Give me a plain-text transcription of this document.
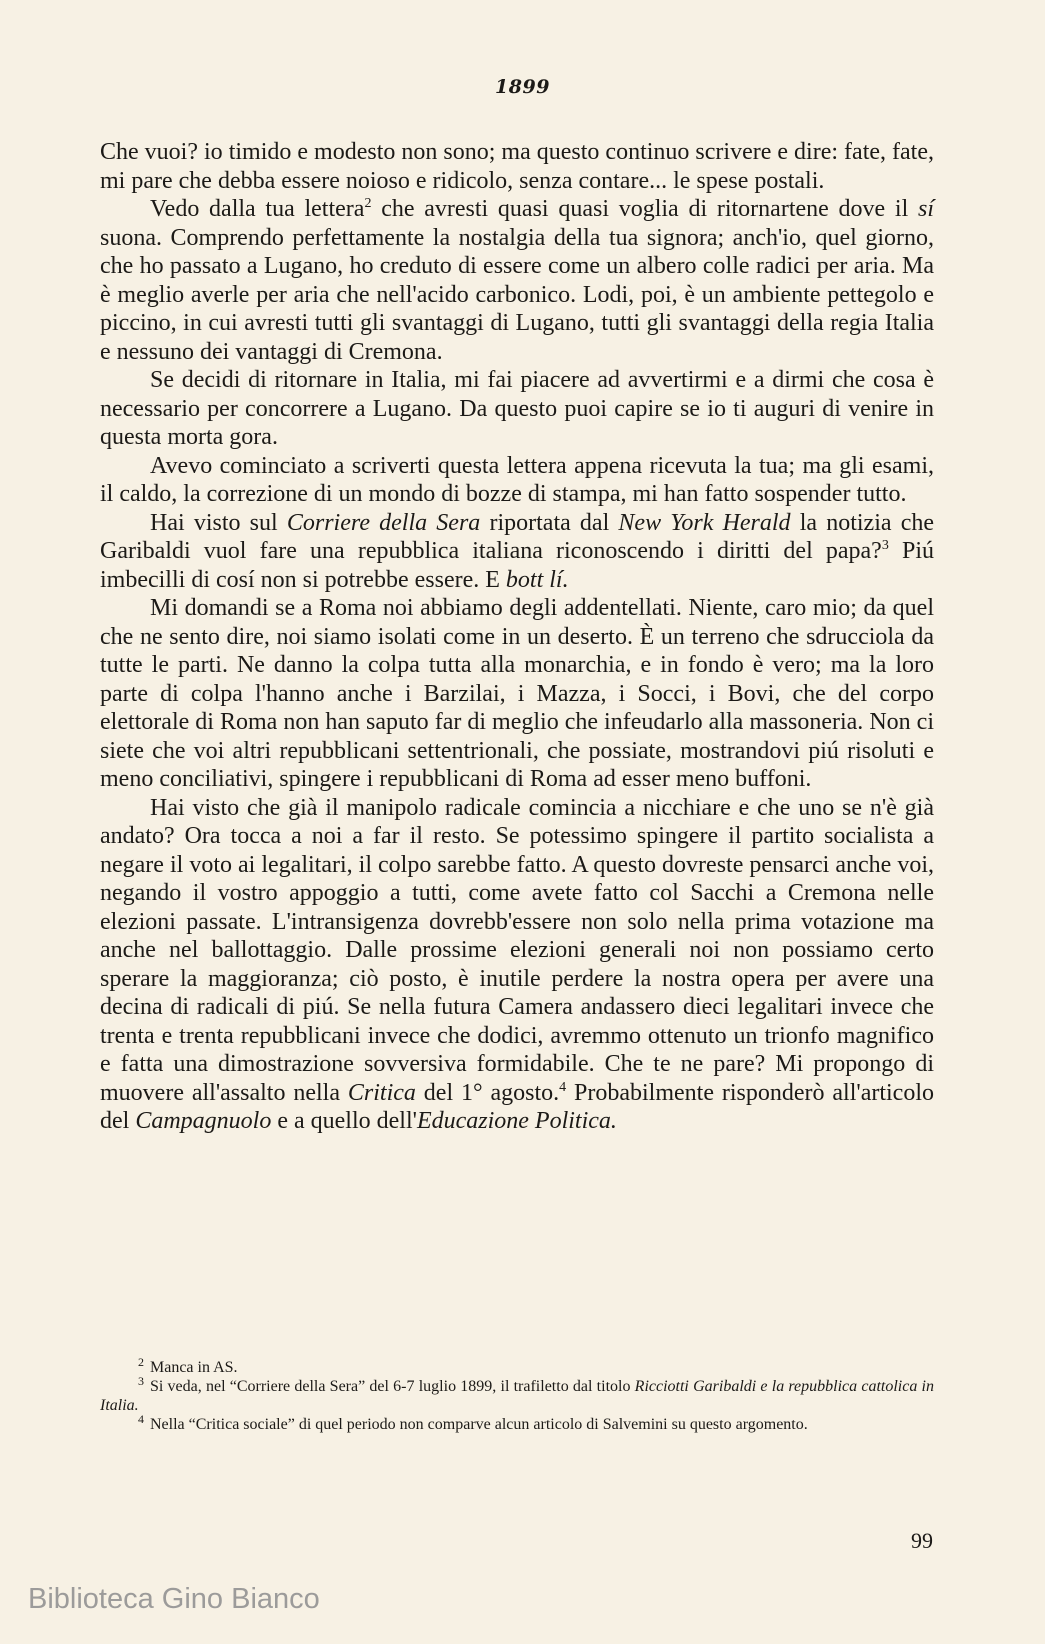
1899

Che vuoi? io timido e modesto non sono; ma questo continuo scrivere e dire: fate, fate, mi pare che debba essere noioso e ridicolo, senza contare... le spese postali.

Vedo dalla tua lettera$^2$ che avresti quasi quasi voglia di ritornartene dove il sí suona. Comprendo perfettamente la nostalgia della tua signora; anch'io, quel giorno, che ho passato a Lugano, ho creduto di essere come un albero colle radici per aria. Ma è meglio averle per aria che nell'acido carbonico. Lodi, poi, è un ambiente pettegolo e piccino, in cui avresti tutti gli svantaggi di Lugano, tutti gli svantaggi della regia Italia e nessuno dei vantaggi di Cremona.

Se decidi di ritornare in Italia, mi fai piacere ad avvertirmi e a dirmi che cosa è necessario per concorrere a Lugano. Da questo puoi capire se io ti auguri di venire in questa morta gora.

Avevo cominciato a scriverti questa lettera appena ricevuta la tua; ma gli esami, il caldo, la correzione di un mondo di bozze di stampa, mi han fatto sospender tutto.

Hai visto sul Corriere della Sera riportata dal New York Herald la notizia che Garibaldi vuol fare una repubblica italiana riconoscendo i diritti del papa?$^3$ Piú imbecilli di cosí non si potrebbe essere. E bott lí.

Mi domandi se a Roma noi abbiamo degli addentellati. Niente, caro mio; da quel che ne sento dire, noi siamo isolati come in un deserto. È un terreno che sdrucciola da tutte le parti. Ne danno la colpa tutta alla monarchia, e in fondo è vero; ma la loro parte di colpa l'hanno anche i Barzilai, i Mazza, i Socci, i Bovi, che del corpo elettorale di Roma non han saputo far di meglio che infeudarlo alla massoneria. Non ci siete che voi altri repubblicani settentrionali, che possiate, mostrandovi piú risoluti e meno conciliativi, spingere i repubblicani di Roma ad esser meno buffoni.

Hai visto che già il manipolo radicale comincia a nicchiare e che uno se n'è già andato? Ora tocca a noi a far il resto. Se potessimo spingere il partito socialista a negare il voto ai legalitari, il colpo sarebbe fatto. A questo dovreste pensarci anche voi, negando il vostro appoggio a tutti, come avete fatto col Sacchi a Cremona nelle elezioni passate. L'intransigenza dovrebb'essere non solo nella prima votazione ma anche nel ballottaggio. Dalle prossime elezioni generali noi non possiamo certo sperare la maggioranza; ciò posto, è inutile perdere la nostra opera per avere una decina di radicali di piú. Se nella futura Camera andassero dieci legalitari invece che trenta e trenta repubblicani invece che dodici, avremmo ottenuto un trionfo magnifico e fatta una dimostrazione sovversiva formidabile. Che te ne pare? Mi propongo di muovere all'assalto nella Critica del 1° agosto.$^4$ Probabilmente risponderò all'articolo del Campagnuolo e a quello dell'Educazione Politica.

$^2$ Manca in AS.

$^3$ Si veda, nel “Corriere della Sera” del 6-7 luglio 1899, il trafiletto dal titolo Ricciotti Garibaldi e la repubblica cattolica in Italia.

$^4$ Nella “Critica sociale” di quel periodo non comparve alcun articolo di Salvemini su questo argomento.

99
Biblioteca Gino Bianco
